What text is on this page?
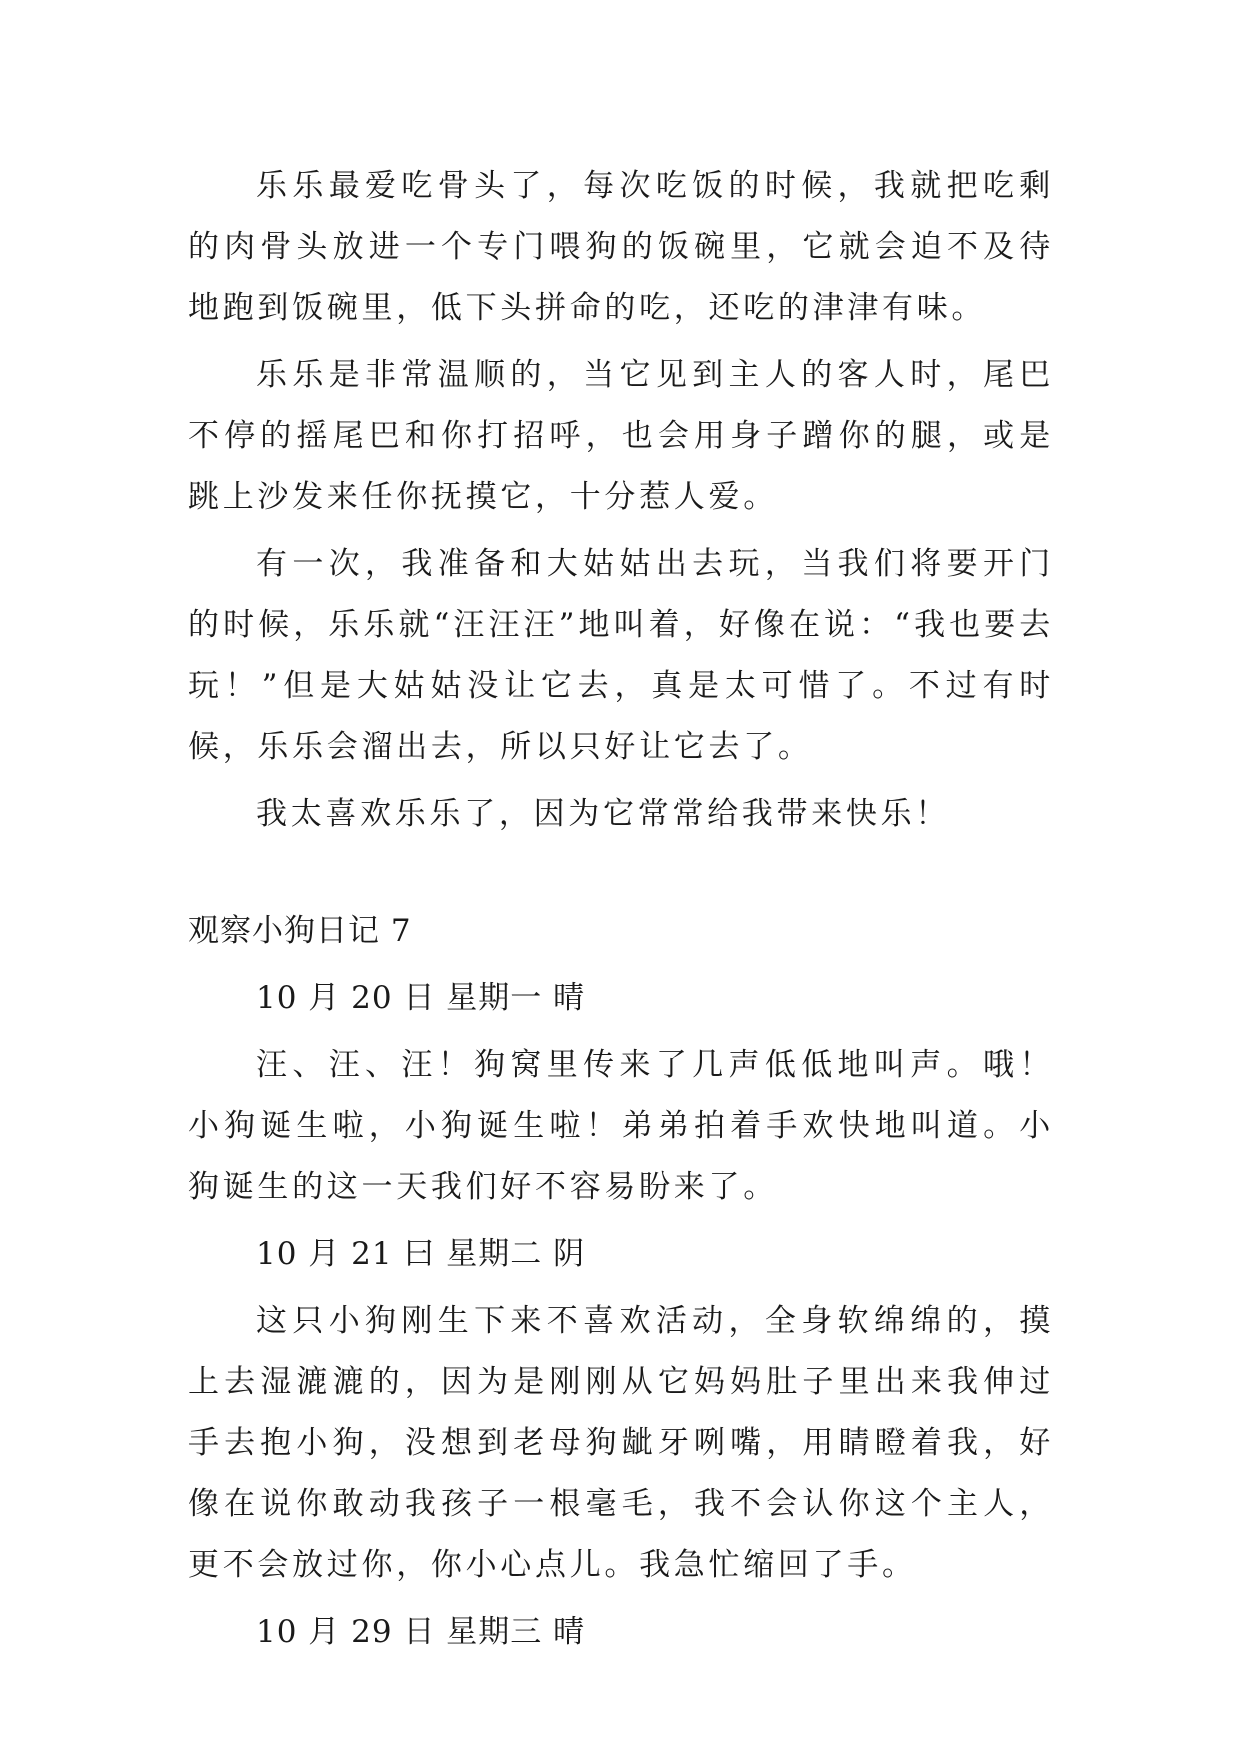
乐乐最爱吃骨头了，每次吃饭的时候，我就把吃剩的肉骨头放进一个专门喂狗的饭碗里，它就会迫不及待地跑到饭碗里，低下头拼命的吃，还吃的津津有味。

乐乐是非常温顺的，当它见到主人的客人时，尾巴不停的摇尾巴和你打招呼，也会用身子蹭你的腿，或是跳上沙发来任你抚摸它，十分惹人爱。

有一次，我准备和大姑姑出去玩，当我们将要开门的时候，乐乐就“汪汪汪”地叫着，好像在说：“我也要去玩！”但是大姑姑没让它去，真是太可惜了。不过有时候，乐乐会溜出去，所以只好让它去了。

我太喜欢乐乐了，因为它常常给我带来快乐！

观察小狗日记 7
10 月 20 日 星期一 晴

汪、汪、汪！狗窝里传来了几声低低地叫声。哦！小狗诞生啦，小狗诞生啦！弟弟拍着手欢快地叫道。小狗诞生的这一天我们好不容易盼来了。

10 月 21 曰 星期二 阴

这只小狗刚生下来不喜欢活动，全身软绵绵的，摸上去湿漉漉的，因为是刚刚从它妈妈肚子里出来我伸过手去抱小狗，没想到老母狗龇牙咧嘴，用睛瞪着我，好像在说你敢动我孩子一根毫毛，我不会认你这个主人，更不会放过你，你小心点儿。我急忙缩回了手。

10 月 29 日 星期三 晴
